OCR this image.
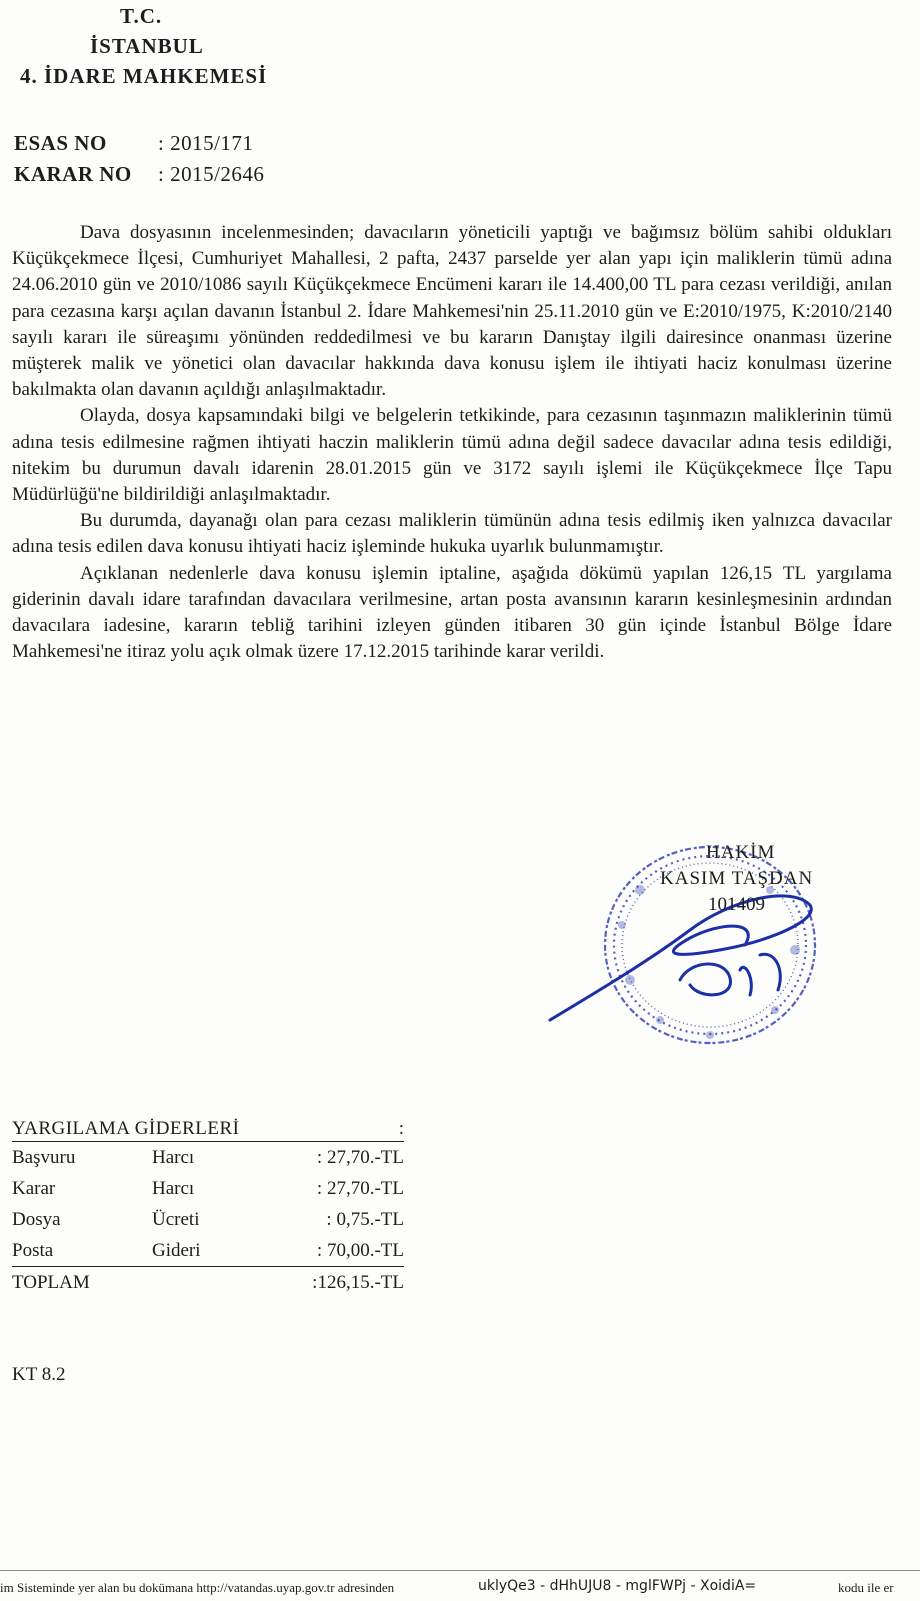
T.C.
İSTANBUL
4. İDARE MAHKEMESİ
ESAS NO	: 2015/171
KARAR NO	: 2015/2646

Dava dosyasının incelenmesinden; davacıların yöneticili yaptığı ve bağımsız bölüm sahibi oldukları Küçükçekmece İlçesi, Cumhuriyet Mahallesi, 2 pafta, 2437 parselde yer alan yapı için maliklerin tümü adına 24.06.2010 gün ve 2010/1086 sayılı Küçükçekmece Encümeni kararı ile 14.400,00 TL para cezası verildiği, anılan para cezasına karşı açılan davanın İstanbul 2. İdare Mahkemesi'nin 25.11.2010 gün ve E:2010/1975, K:2010/2140 sayılı kararı ile süreaşımı yönünden reddedilmesi ve bu kararın Danıştay ilgili dairesince onanması üzerine müşterek malik ve yönetici olan davacılar hakkında dava konusu işlem ile ihtiyati haciz konulması üzerine bakılmakta olan davanın açıldığı anlaşılmaktadır.

Olayda, dosya kapsamındaki bilgi ve belgelerin tetkikinde, para cezasının taşınmazın maliklerinin tümü adına tesis edilmesine rağmen ihtiyati haczin maliklerin tümü adına değil sadece davacılar adına tesis edildiği, nitekim bu durumun davalı idarenin 28.01.2015 gün ve 3172 sayılı işlemi ile Küçükçekmece İlçe Tapu Müdürlüğü'ne bildirildiği anlaşılmaktadır.

Bu durumda, dayanağı olan para cezası maliklerin tümünün adına tesis edilmiş iken yalnızca davacılar adına tesis edilen dava konusu ihtiyati haciz işleminde hukuka uyarlık bulunmamıştır.

Açıklanan nedenlerle dava konusu işlemin iptaline, aşağıda dökümü yapılan 126,15 TL yargılama giderinin davalı idare tarafından davacılara verilmesine, artan posta avansının kararın kesinleşmesinin ardından davacılara iadesine, kararın tebliğ tarihini izleyen günden itibaren 30 gün içinde İstanbul Bölge İdare Mahkemesi'ne itiraz yolu açık olmak üzere 17.12.2015 tarihinde karar verildi.

HAKİM
KASIM TAŞDAN
101409
YARGILAMA GİDERLERİ	:
Başvuru	Harcı	: 27,70.-TL
Karar	Harcı	: 27,70.-TL
Dosya	Ücreti	: 0,75.-TL
Posta	Gideri	: 70,00.-TL
TOPLAM	:126,15.-TL
KT 8.2
im Sisteminde yer alan bu dokümana http://vatandas.uyap.gov.tr adresinden	uklyQe3 - dHhUJU8 - mglFWPj - XoidiA=	kodu ile er
